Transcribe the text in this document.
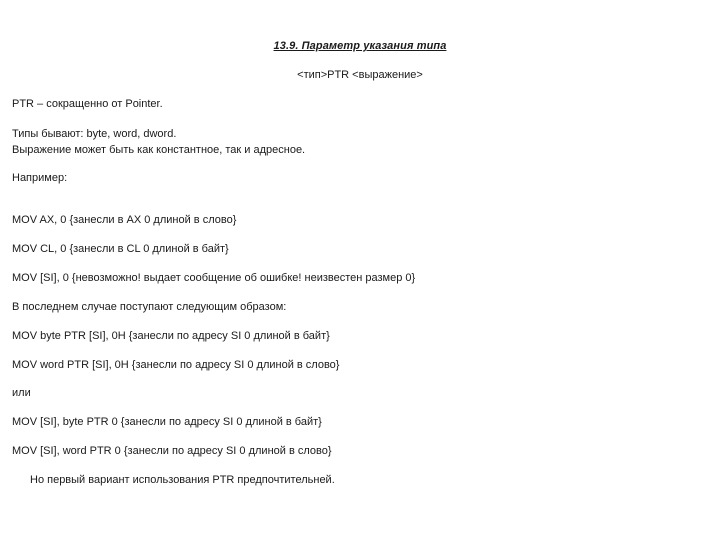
13.9. Параметр указания типа
<тип>PTR <выражение>
PTR – сокращенно от Pointer.
Типы бывают: byte, word, dword.
Выражение может быть как константное, так и адресное.
Например:
MOV AX, 0 {занесли в AX 0 длиной в слово}
MOV CL, 0 {занесли в CL 0 длиной в байт}
MOV [SI], 0 {невозможно! выдает сообщение об ошибке! неизвестен размер 0}
В последнем случае поступают следующим образом:
MOV byte PTR [SI], 0H {занесли по адресу SI 0 длиной в байт}
MOV word PTR [SI], 0H {занесли по адресу SI 0 длиной в слово}
или
MOV [SI], byte PTR 0 {занесли по адресу SI 0 длиной в байт}
MOV [SI], word PTR 0 {занесли по адресу SI 0 длиной в слово}
Но первый вариант использования PTR предпочтительней.
